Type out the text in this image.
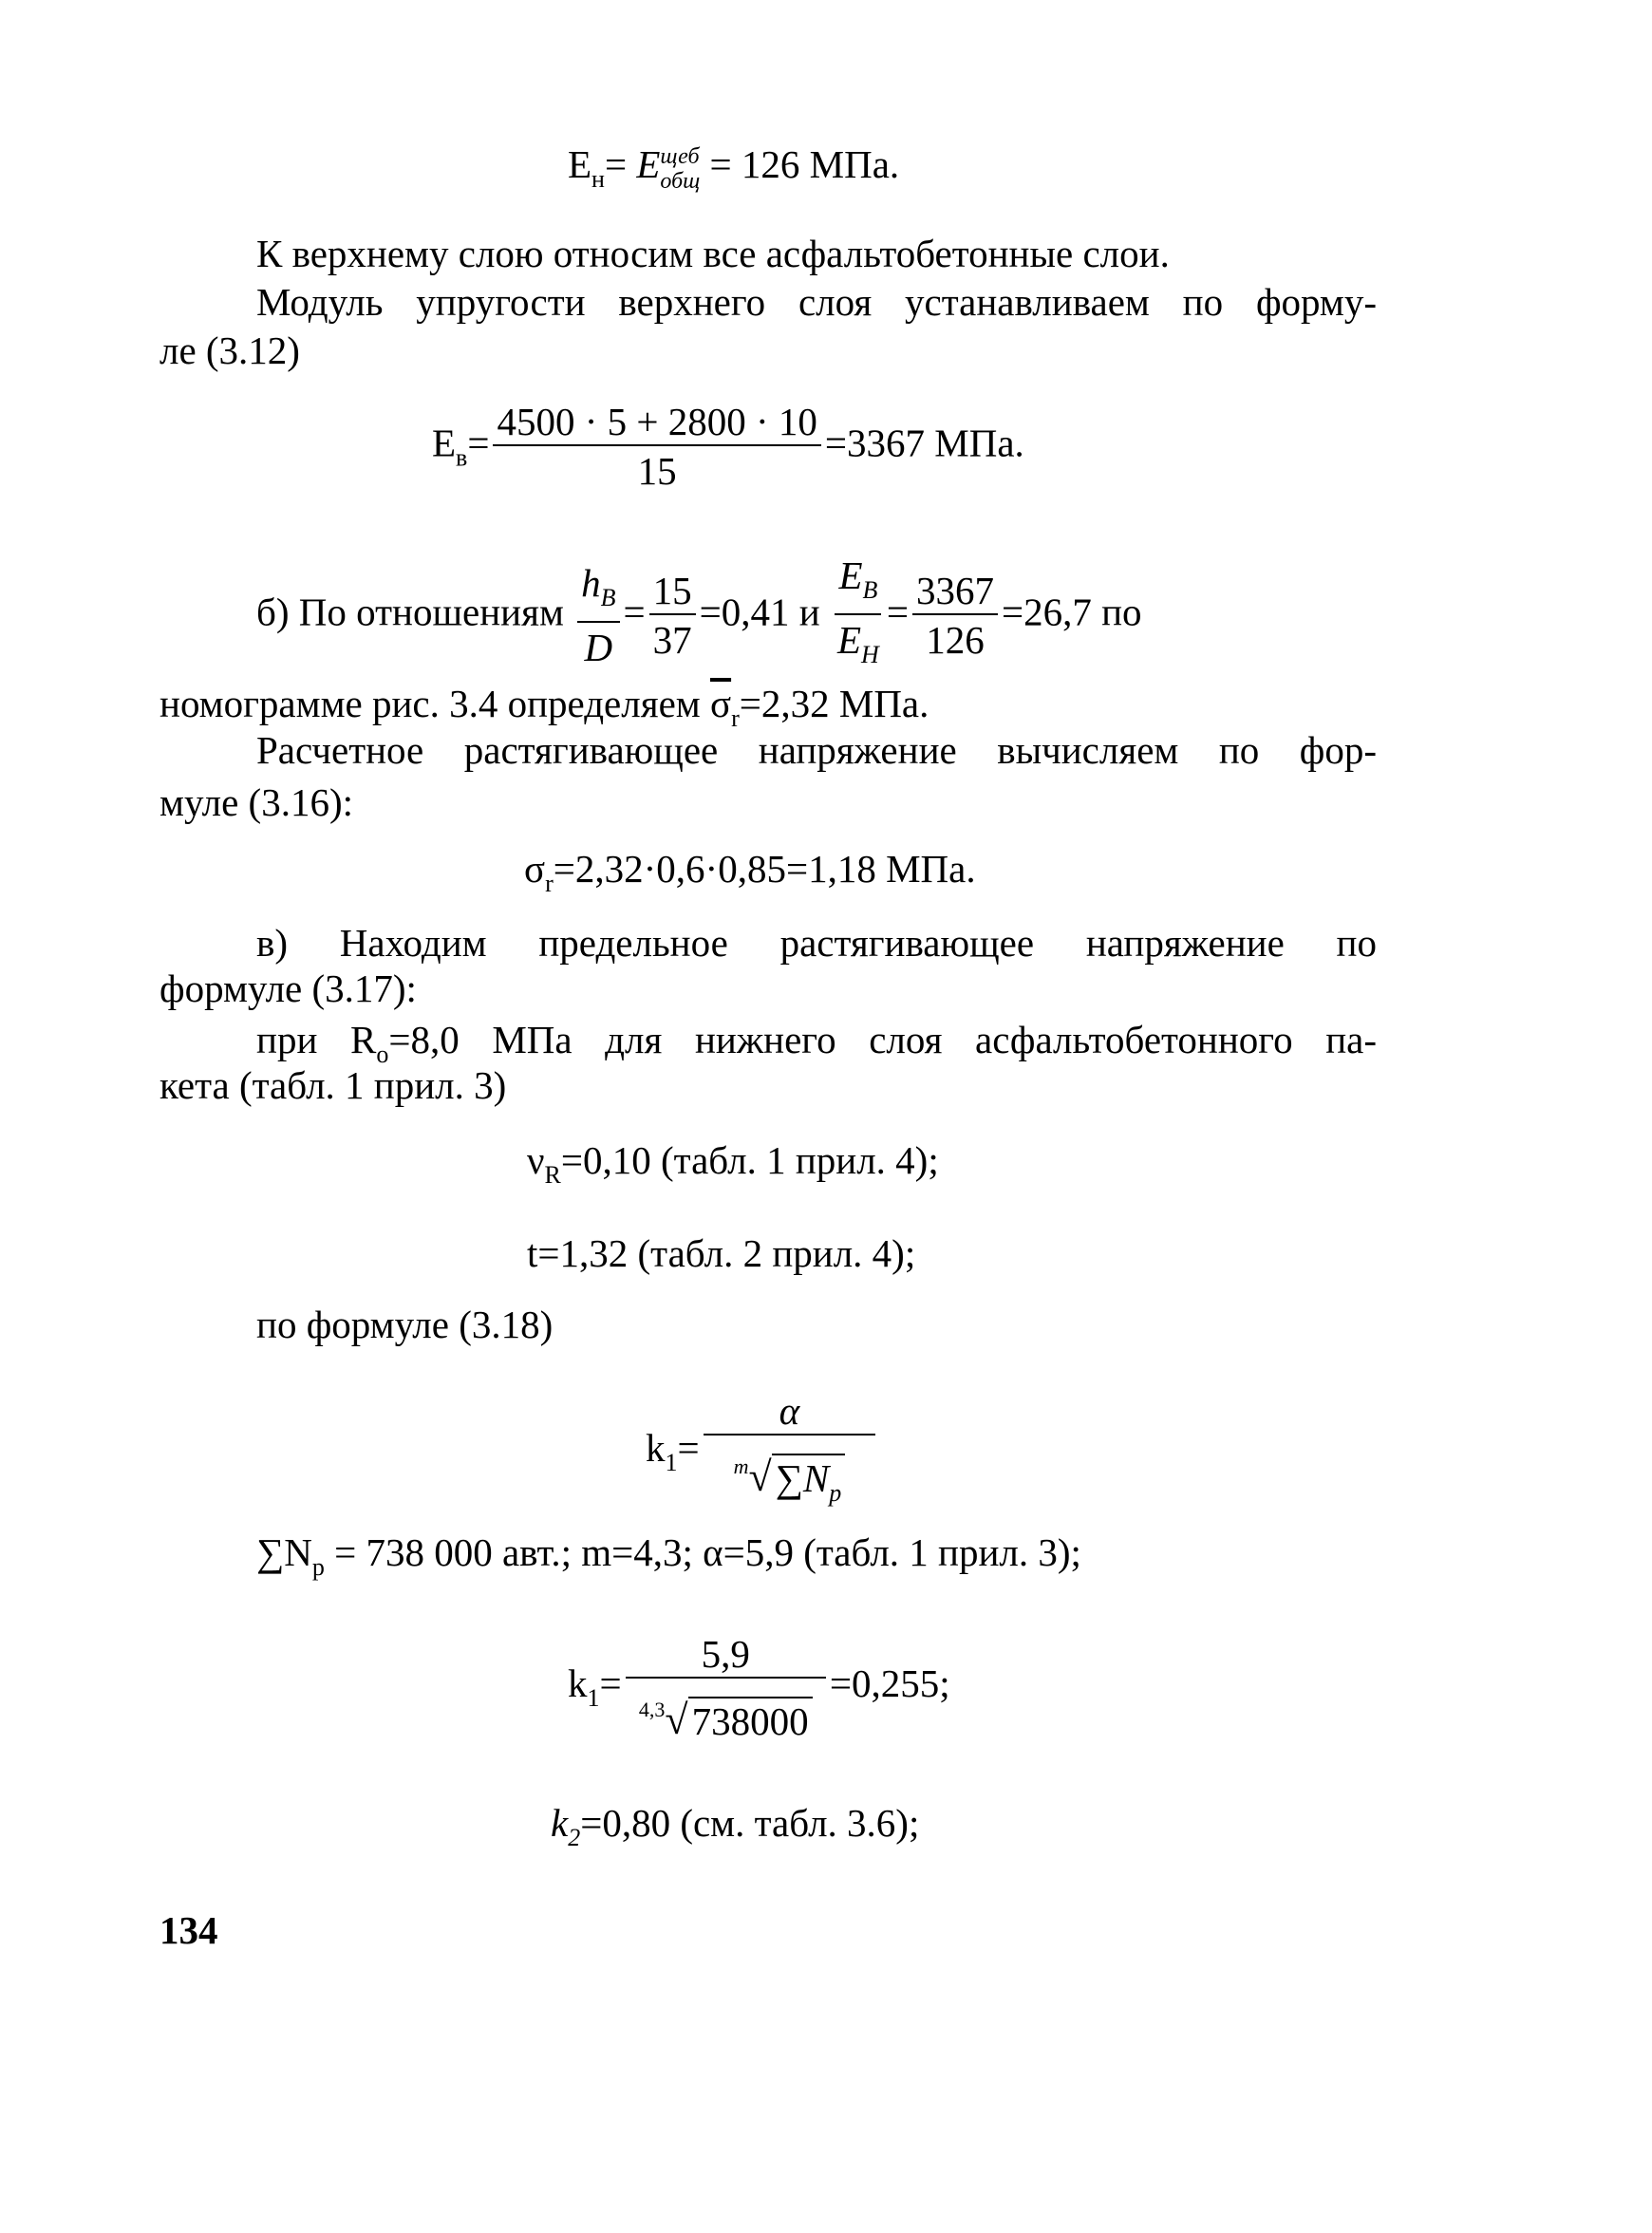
$E_н= E$ щеб
общ = 126 МПа.
К верхнему слою относим все асфальтобетонные слои.
Модуль упругости верхнего слоя устанавливаем по форму-
ле (3.12)
$E_в= \frac{4500 \cdot 5 + 2800 \cdot 10}{15} =3367$ МПа.
б) По отношениям $\frac{h_В}{D} = \frac{15}{37} =0,41$ и $\frac{E_В}{E_Н} = \frac{3367}{126} =26,7$ по
номограмме рис. 3.4 определяем $\overline{\sigma}_r=2,32$ МПа.
Расчетное растягивающее напряжение вычисляем по фор-
муле (3.16):
$\sigma_r=2,32\cdot 0,6\cdot 0,85=1,18$ МПа.
в) Находим предельное растягивающее напряжение по
формуле (3.17):
при $R_o=8,0$ МПа для нижнего слоя асфальтобетонного па-
кета (табл. 1 прил. 3)
$\nu_R=0,10$ (табл. 1 прил. 4);
t=1,32 (табл. 2 прил. 4);
по формуле (3.18)
$k_1= \frac{\alpha}{m √ \sum N_p}$
$\sum N_p = 738$ 000 авт.; m=4,3; α=5,9 (табл. 1 прил. 3);
$k_1= \frac{5,9}{4,3 √ 738000} =0,255$;
$k_2=0,80$ (см. табл. 3.6);
134
